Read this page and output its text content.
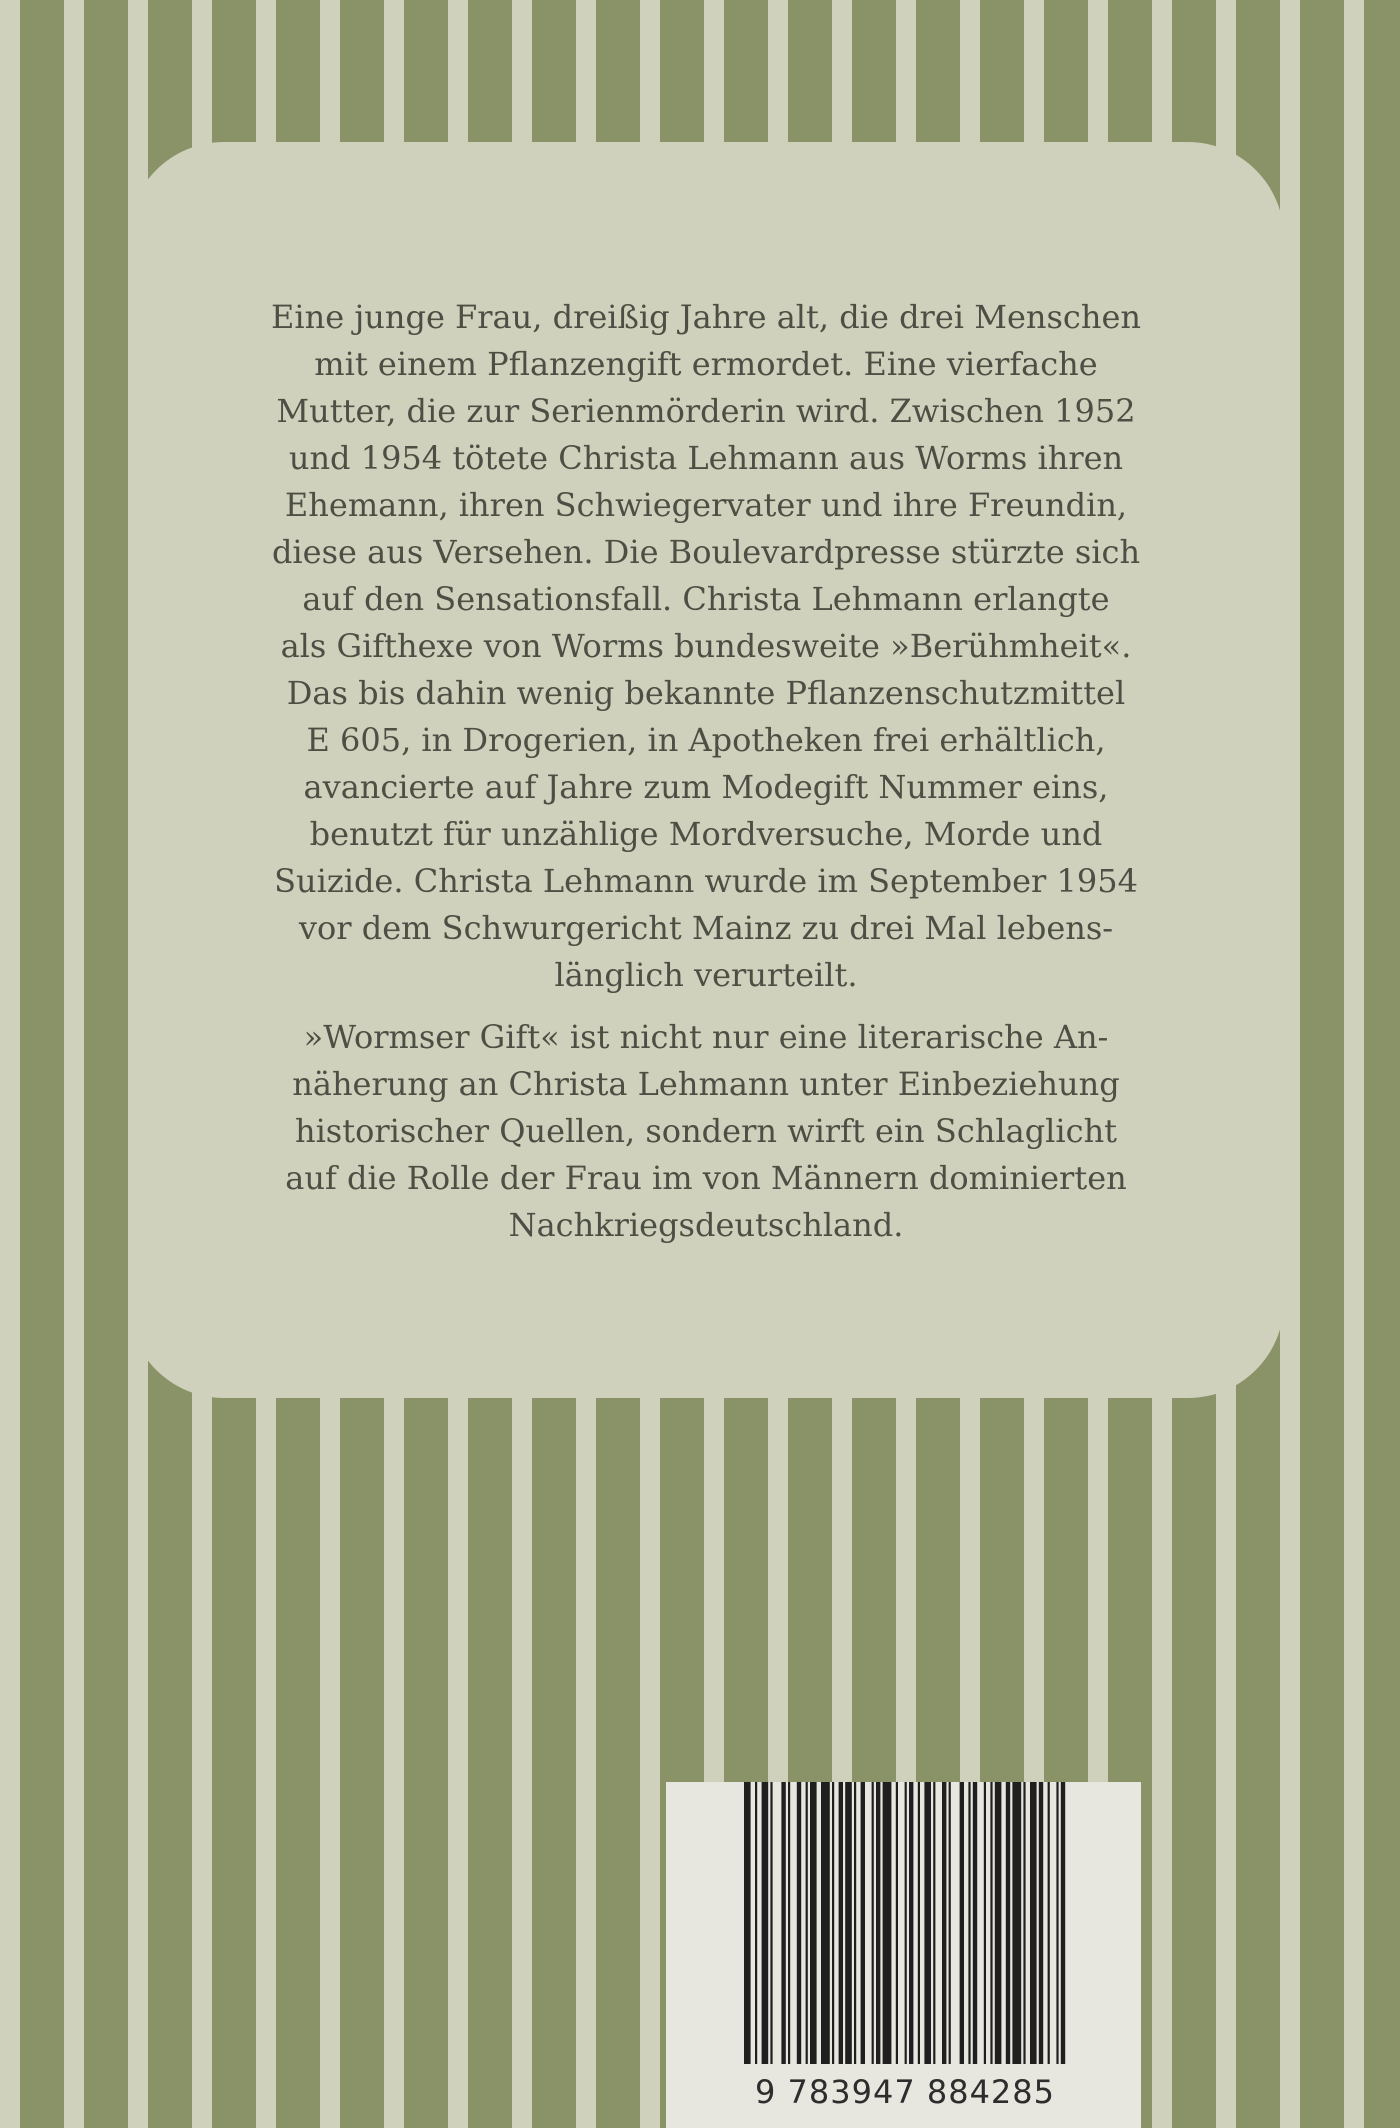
Eine junge Frau, dreißig Jahre alt, die drei Menschen
mit einem Pflanzengift ermordet. Eine vierfache
Mutter, die zur Serienmörderin wird. Zwischen 1952
und 1954 tötete Christa Lehmann aus Worms ihren
Ehemann, ihren Schwiegervater und ihre Freundin,
diese aus Versehen. Die Boulevardpresse stürzte sich
auf den Sensationsfall. Christa Lehmann erlangte
als Gifthexe von Worms bundesweite »Berühmheit«.
Das bis dahin wenig bekannte Pflanzenschutzmittel
E 605, in Drogerien, in Apotheken frei erhältlich,
avancierte auf Jahre zum Modegift Nummer eins,
benutzt für unzählige Mordversuche, Morde und
Suizide. Christa Lehmann wurde im September 1954
vor dem Schwurgericht Mainz zu drei Mal lebens-
länglich verurteilt.
»Wormser Gift« ist nicht nur eine literarische An-
näherung an Christa Lehmann unter Einbeziehung
historischer Quellen, sondern wirft ein Schlaglicht
auf die Rolle der Frau im von Männern dominierten
Nachkriegsdeutschland.
9 783947 884285
